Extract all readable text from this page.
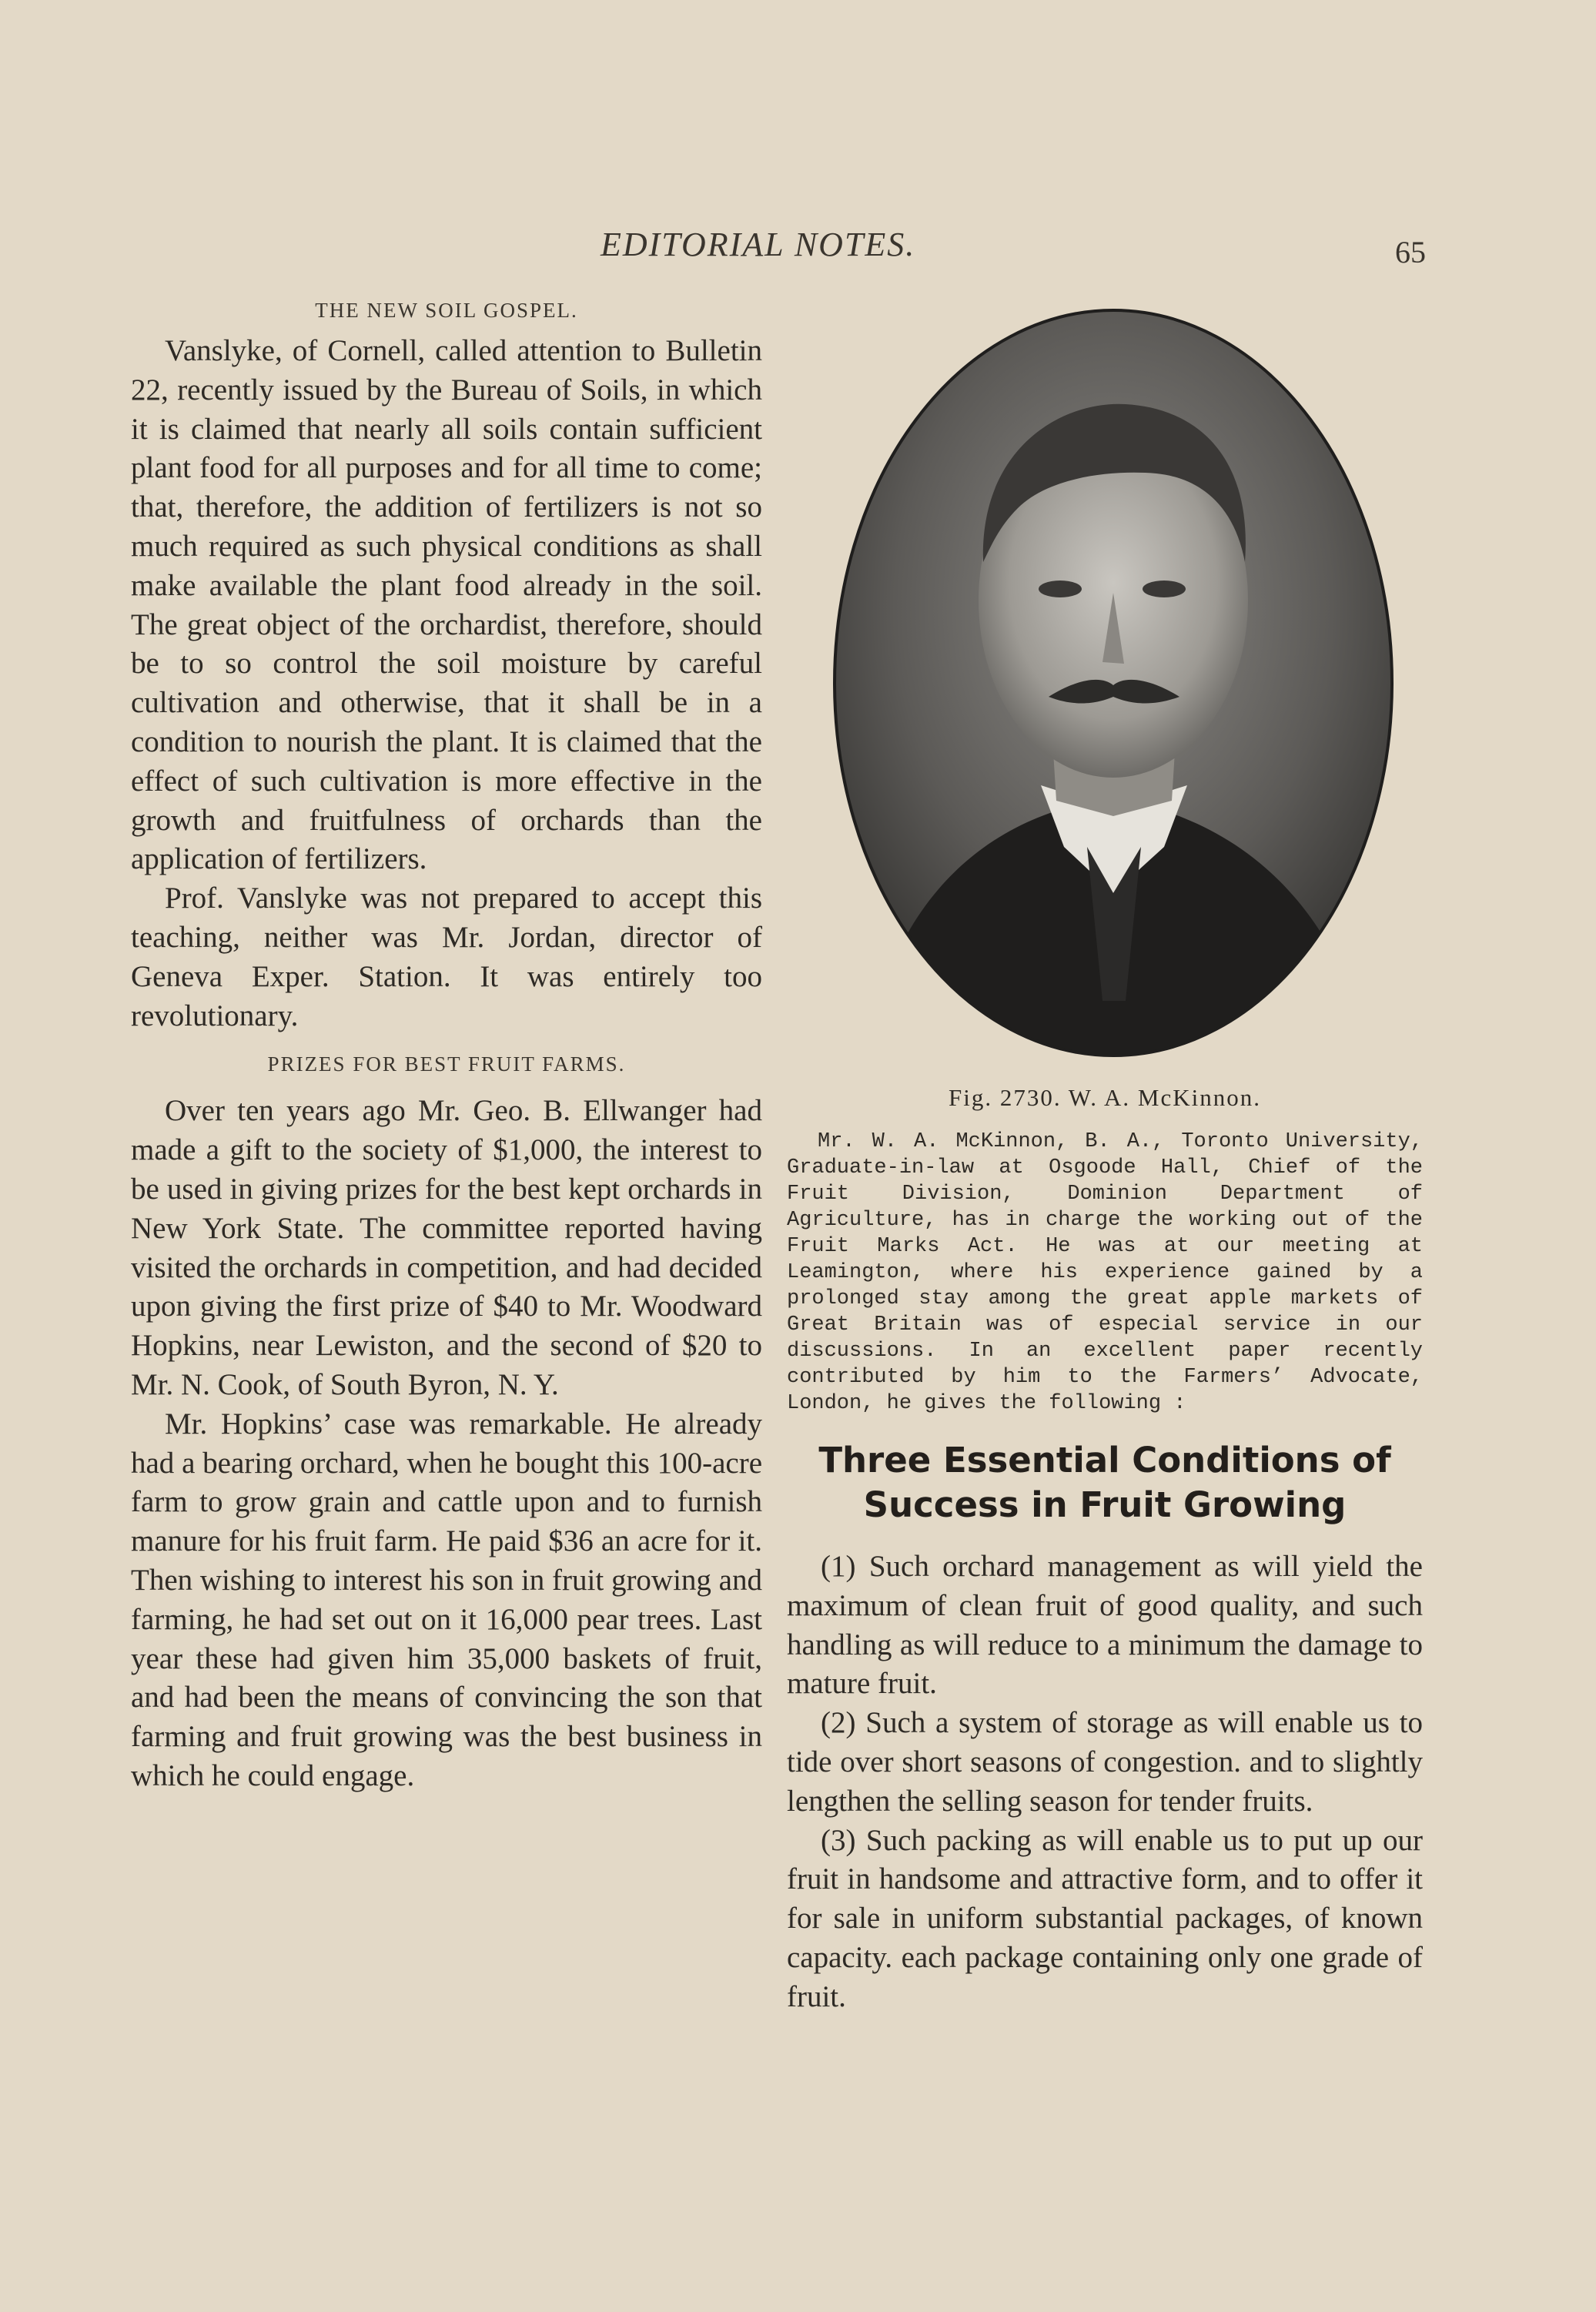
EDITORIAL NOTES.	65
THE NEW SOIL GOSPEL.

Vanslyke, of Cornell, called attention to Bulletin 22, recently issued by the Bureau of Soils, in which it is claimed that nearly all soils contain sufficient plant food for all purposes and for all time to come; that, therefore, the addition of fertilizers is not so much required as such physical conditions as shall make available the plant food already in the soil. The great object of the orchardist, therefore, should be to so control the soil moisture by careful cultivation and otherwise, that it shall be in a condition to nourish the plant. It is claimed that the effect of such cultivation is more effective in the growth and fruitfulness of orchards than the application of fertilizers.

Prof. Vanslyke was not prepared to accept this teaching, neither was Mr. Jordan, director of Geneva Exper. Station. It was entirely too revolutionary.

PRIZES FOR BEST FRUIT FARMS.

Over ten years ago Mr. Geo. B. Ellwanger had made a gift to the society of $1,000, the interest to be used in giving prizes for the best kept orchards in New York State. The committee reported having visited the orchards in competition, and had decided upon giving the first prize of $40 to Mr. Woodward Hopkins, near Lewiston, and the second of $20 to Mr. N. Cook, of South Byron, N. Y.

Mr. Hopkins’ case was remarkable. He already had a bearing orchard, when he bought this 100-acre farm to grow grain and cattle upon and to furnish manure for his fruit farm. He paid $36 an acre for it. Then wishing to interest his son in fruit growing and farming, he had set out on it 16,000 pear trees. Last year these had given him 35,000 baskets of fruit, and had been the means of convincing the son that farming and fruit growing was the best business in which he could engage.

Fig. 2730. W. A. McKinnon.

Mr. W. A. McKinnon, B. A., Toronto University, Graduate-in-law at Osgoode Hall, Chief of the Fruit Division, Dominion Department of Agriculture, has in charge the working out of the Fruit Marks Act. He was at our meeting at Leamington, where his experience gained by a prolonged stay among the great apple markets of Great Britain was of especial service in our discussions. In an excellent paper recently contributed by him to the Farmers’ Advocate, London, he gives the following :

Three Essential Conditions of Success in Fruit Growing

(1) Such orchard management as will yield the maximum of clean fruit of good quality, and such handling as will reduce to a minimum the damage to mature fruit.

(2) Such a system of storage as will enable us to tide over short seasons of congestion. and to slightly lengthen the selling season for tender fruits.

(3) Such packing as will enable us to put up our fruit in handsome and attractive form, and to offer it for sale in uniform substantial packages, of known capacity. each package containing only one grade of fruit.
